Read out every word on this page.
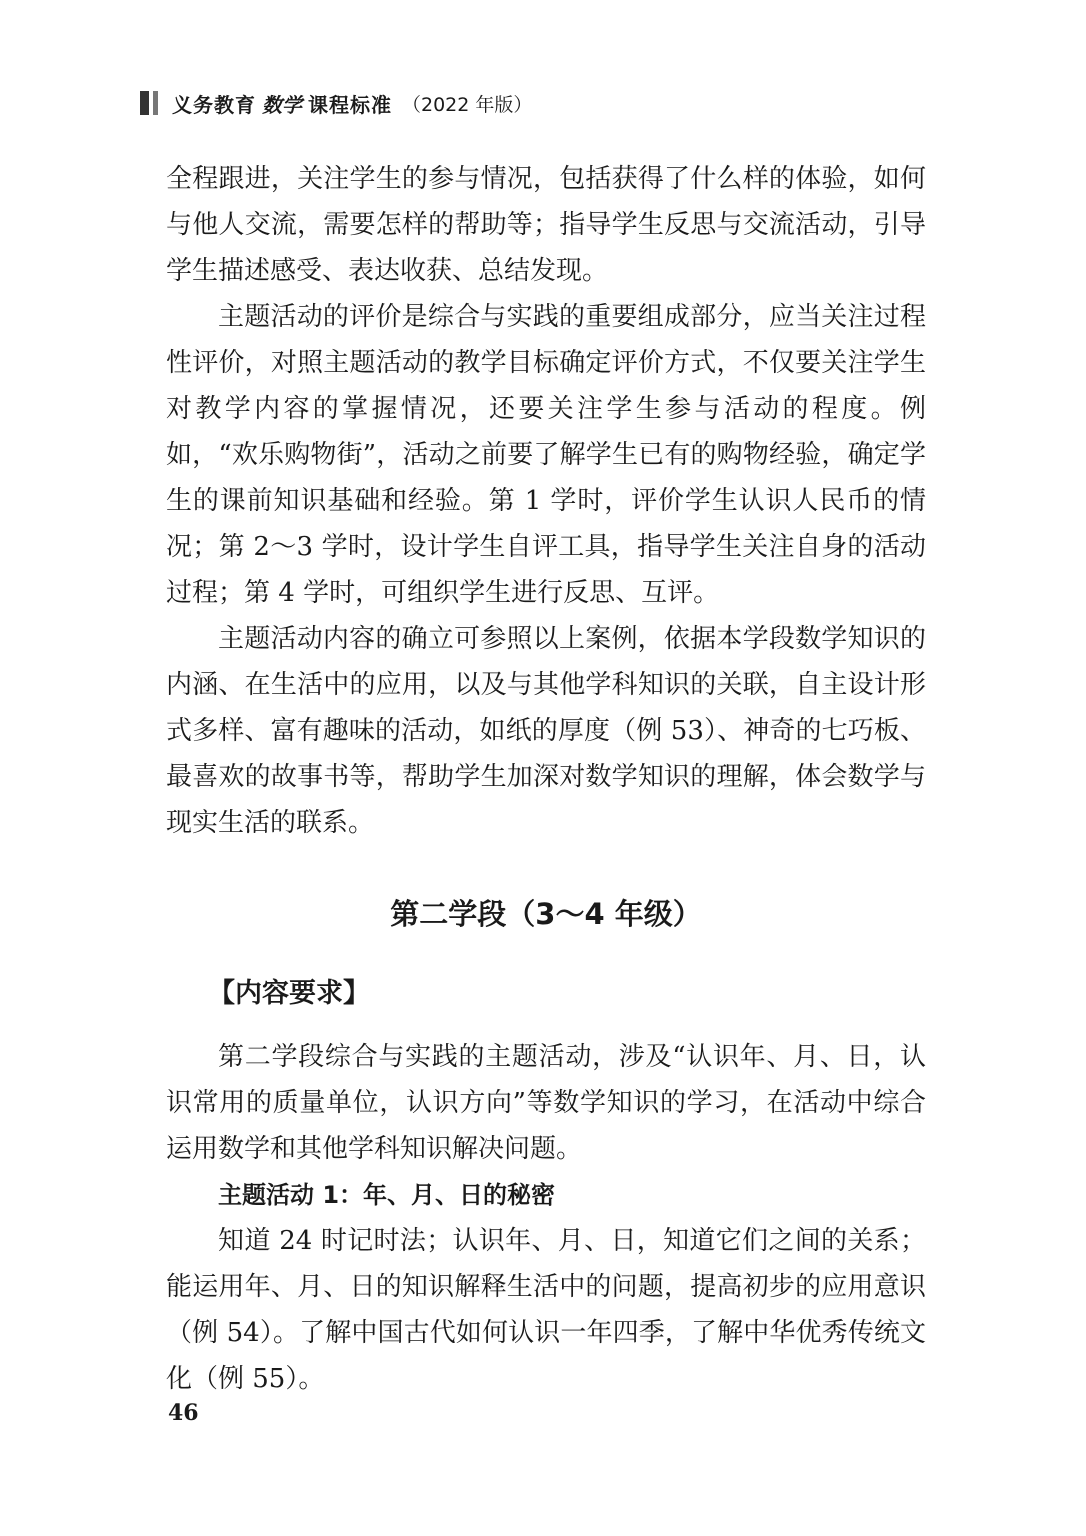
义务教育 数学 课程标准 （2022 年版）

全程跟进，关注学生的参与情况，包括获得了什么样的体验，如何与他人交流，需要怎样的帮助等；指导学生反思与交流活动，引导学生描述感受、表达收获、总结发现。

主题活动的评价是综合与实践的重要组成部分，应当关注过程性评价，对照主题活动的教学目标确定评价方式，不仅要关注学生对教学内容的掌握情况，还要关注学生参与活动的程度。例如，“欢乐购物街”，活动之前要了解学生已有的购物经验，确定学生的课前知识基础和经验。第 1 学时，评价学生认识人民币的情况；第 2～3 学时，设计学生自评工具，指导学生关注自身的活动过程；第 4 学时，可组织学生进行反思、互评。

主题活动内容的确立可参照以上案例，依据本学段数学知识的内涵、在生活中的应用，以及与其他学科知识的关联，自主设计形式多样、富有趣味的活动，如纸的厚度（例 53）、神奇的七巧板、最喜欢的故事书等，帮助学生加深对数学知识的理解，体会数学与现实生活的联系。

第二学段（3～4 年级）
【内容要求】

第二学段综合与实践的主题活动，涉及“认识年、月、日，认识常用的质量单位，认识方向”等数学知识的学习，在活动中综合运用数学和其他学科知识解决问题。

主题活动 1：年、月、日的秘密

知道 24 时记时法；认识年、月、日，知道它们之间的关系；能运用年、月、日的知识解释生活中的问题，提高初步的应用意识（例 54）。了解中国古代如何认识一年四季，了解中华优秀传统文化（例 55）。

46
